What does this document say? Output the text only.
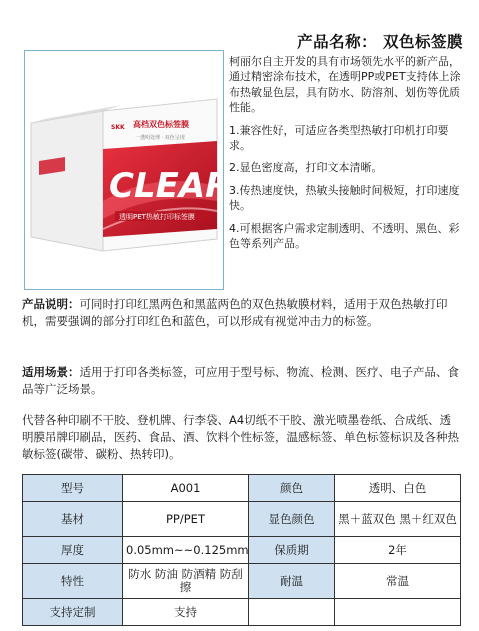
产品名称： 双色标签膜
CLEAR
SKK 高档双色标签膜
一透明处理 · 双色呈现
透明PET热敏打印标签膜

柯丽尔自主开发的具有市场领先水平的新产品，通过精密涂布技术，在透明PP或PET支持体上涂布热敏显色层，具有防水、防溶剂、划伤等优质性能。

1.兼容性好，可适应各类型热敏打印机打印要求。

2.显色密度高，打印文本清晰。

3.传热速度快，热敏头接触时间极短，打印速度快。

4.可根据客户需求定制透明、不透明、黑色、彩色等系列产品。

产品说明：可同时打印红黑两色和黑蓝两色的双色热敏膜材料，适用于双色热敏打印机，需要强调的部分打印红色和蓝色，可以形成有视觉冲击力的标签。

适用场景：适用于打印各类标签，可应用于型号标、物流、检测、医疗、电子产品、食品等广泛场景。

代替各种印刷不干胶、登机牌、行李袋、A4切纸不干胶、激光喷墨卷纸、合成纸、透明膜吊牌印刷品，医药、食品、酒、饮料个性标签，温感标签、单色标签标识及各种热敏标签(碳带、碳粉、热转印)。

型号	A001	颜色	透明、白色
基材	PP/PET	显色颜色	黑＋蓝双色 黑＋红双色
厚度	0.05mm~~0.125mm	保质期	2年
特性	防水 防油 防酒精 防刮擦	耐温	常温
支持定制	支持		
